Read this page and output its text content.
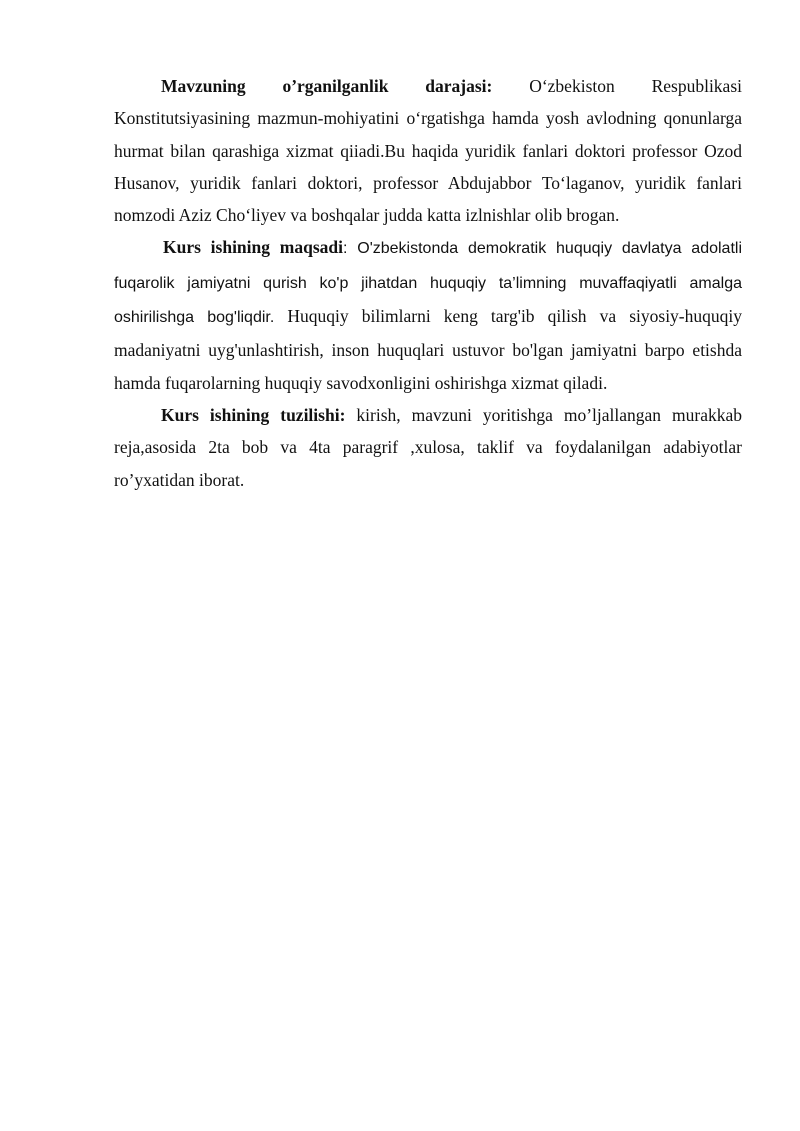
Mavzuning o’rganilganlik darajasi: O‘zbekiston Respublikasi Konstitutsiyasining mazmun-mohiyatini o‘rgatishga hamda yosh avlodning qonunlarga hurmat bilan qarashiga xizmat qiiadi.Bu haqida yuridik fanlari doktori professor Ozod Husanov, yuridik fanlari doktori, professor Abdujabbor To‘laganov, yuridik fanlari nomzodi Aziz Cho‘liyev va boshqalar judda katta izlnishlar olib brogan.

Kurs ishining maqsadi: O'zbekistonda demokratik huquqiy davlatya adolatli fuqarolik jamiyatni qurish ko'p jihatdan huquqiy ta’limning muvaffaqiyatli amalga oshirilishga bog'liqdir. Huquqiy bilimlarni keng targ'ib qilish va siyosiy-huquqiy madaniyatni uyg'unlashtirish, inson huquqlari ustuvor bo'lgan jamiyatni barpo etishda hamda fuqarolarning huquqiy savodxonligini oshirishga xizmat qiladi.

Kurs ishining tuzilishi: kirish, mavzuni yoritishga mo’ljallangan murakkab reja,asosida 2ta bob va 4ta paragrif ,xulosa, taklif va foydalanilgan adabiyotlar ro’yxatidan iborat.
